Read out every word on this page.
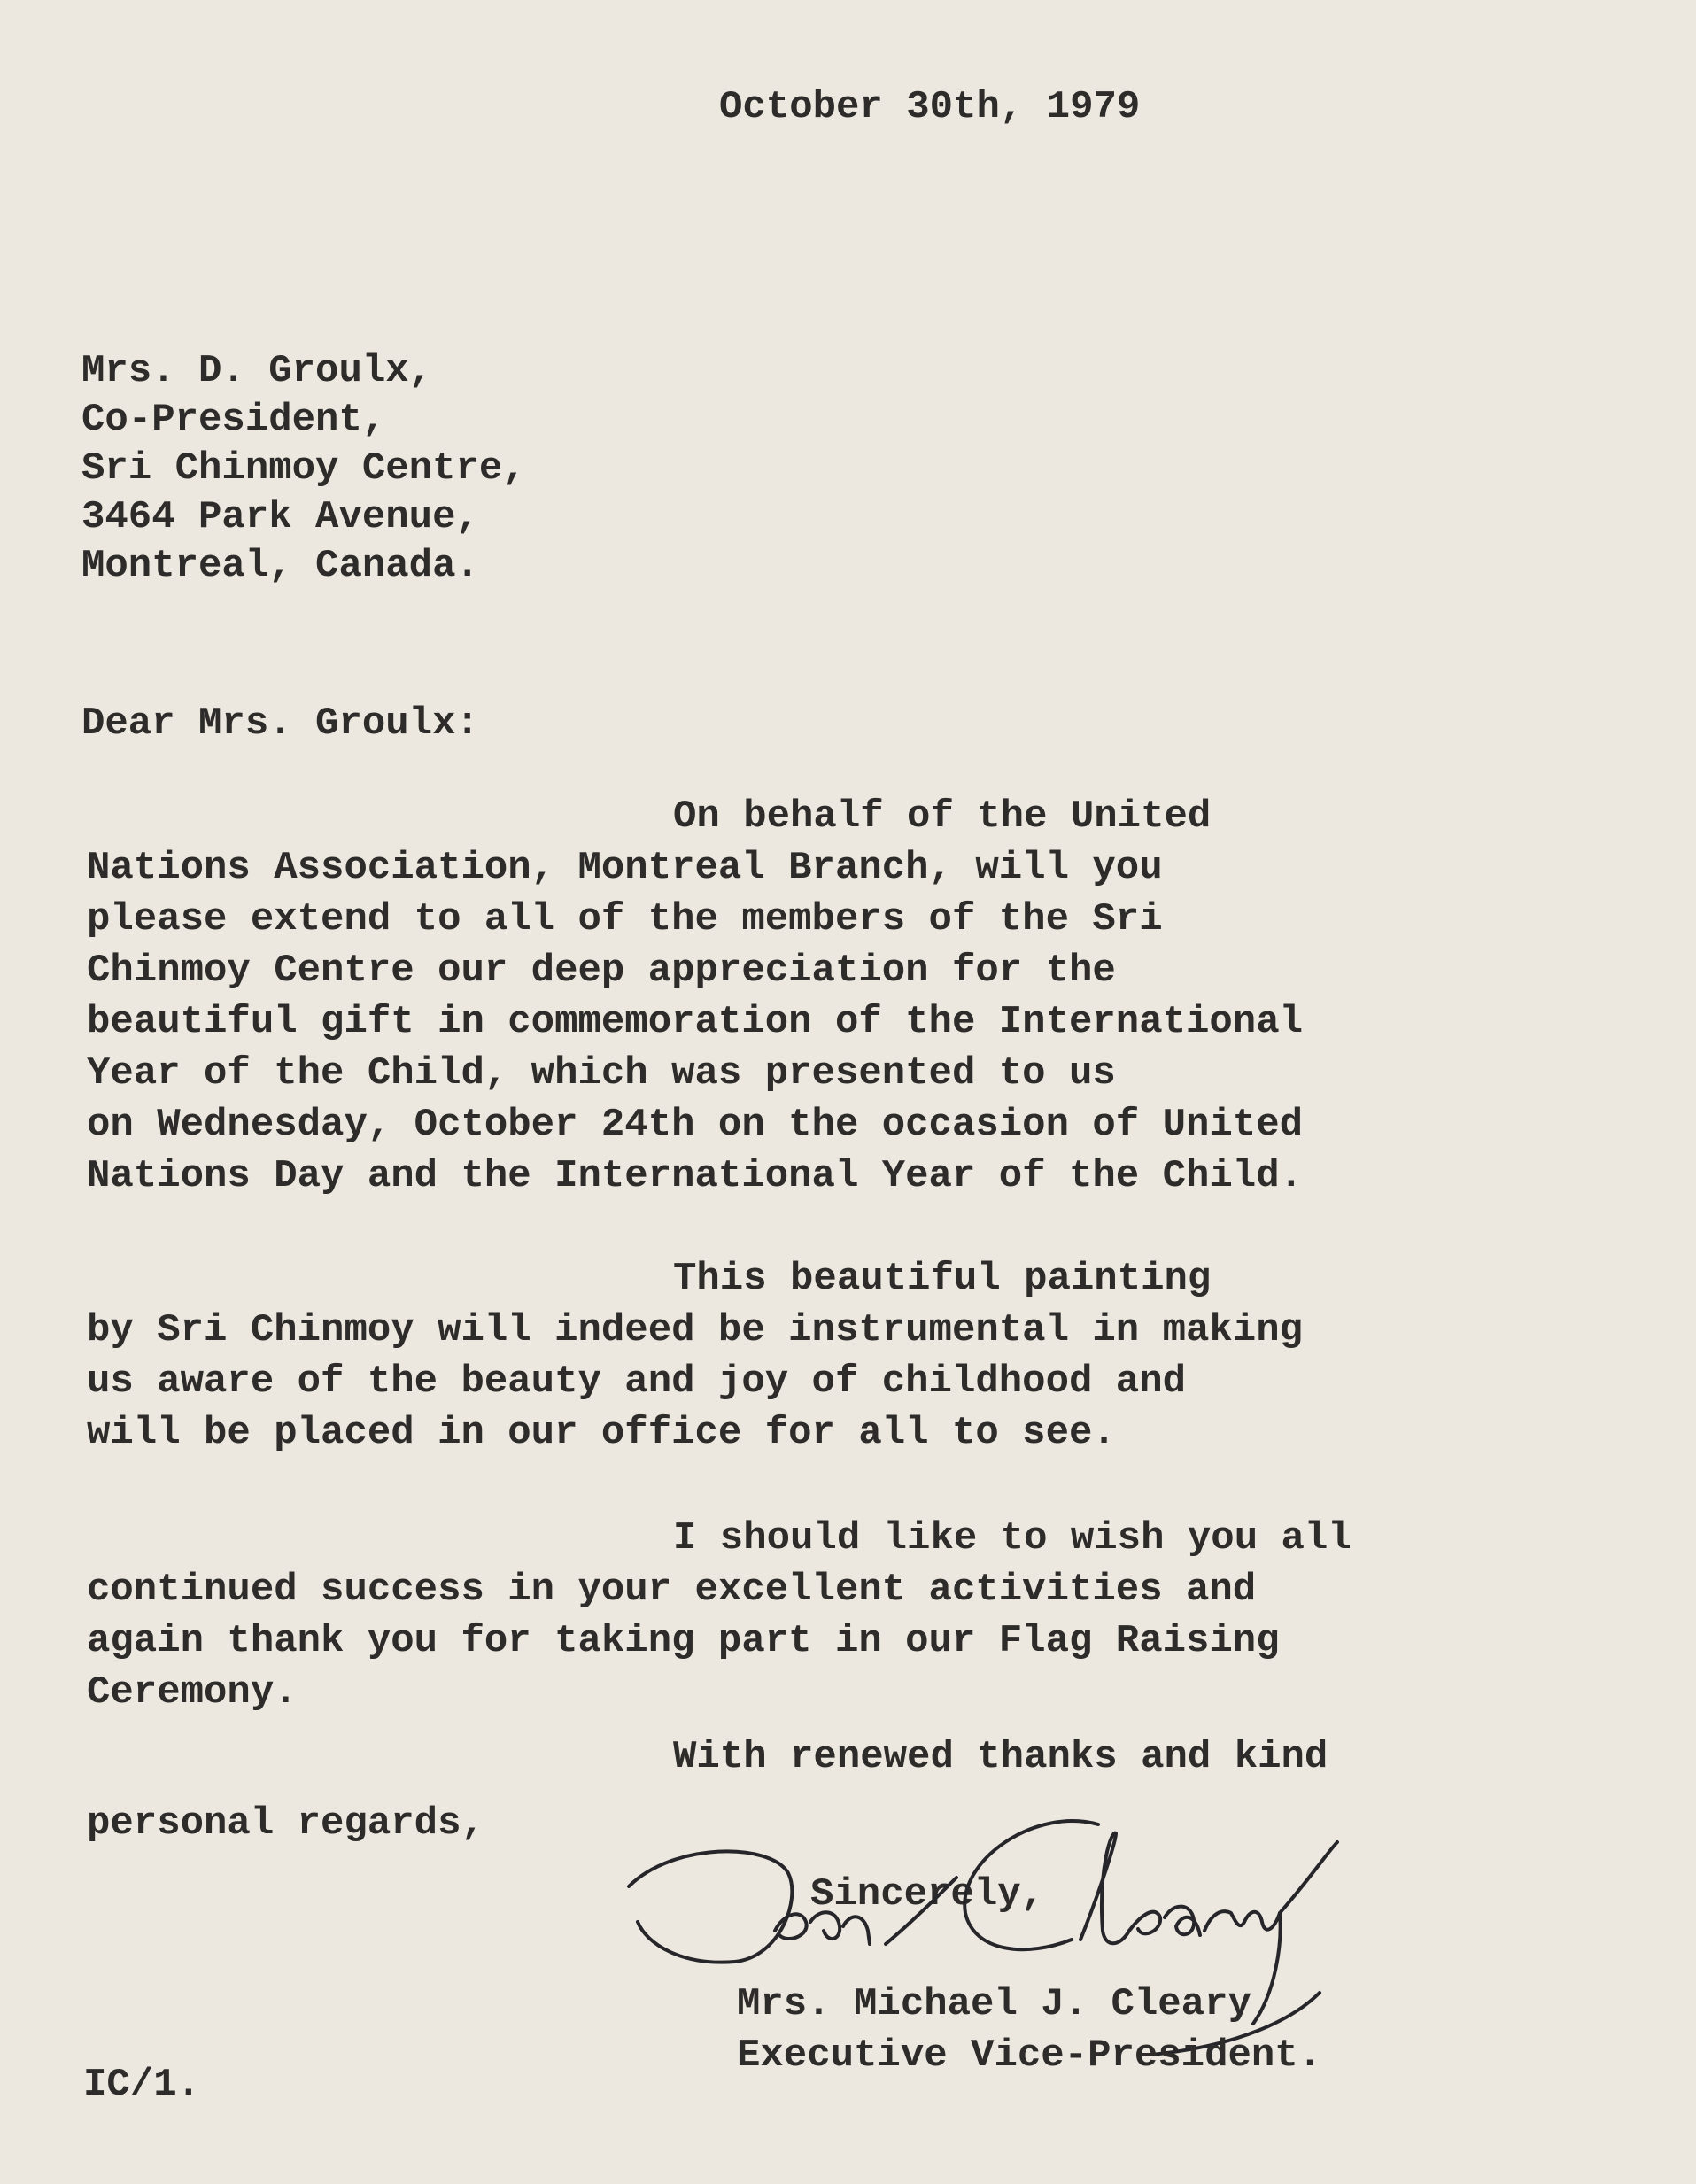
October 30th, 1979

Mrs. D. Groulx,

Co-President,

Sri Chinmoy Centre,

3464 Park Avenue,

Montreal, Canada.

Dear Mrs. Groulx:

On behalf of the United

Nations Association, Montreal Branch, will you

please extend to all of the members of the Sri

Chinmoy Centre our deep appreciation for the

beautiful gift in commemoration of the International

Year of the Child, which was presented to us

on Wednesday, October 24th on the occasion of United

Nations Day and the International Year of the Child.

This beautiful painting

by Sri Chinmoy will indeed be instrumental in making

us aware of the beauty and joy of childhood and

will be placed in our office for all to see.

I should like to wish you all

continued success in your excellent activities and

again thank you for taking part in our Flag Raising

Ceremony.

With renewed thanks and kind

personal regards,

Sincerely,

Mrs. Michael J. Cleary

Executive Vice-President.

IC/1.
